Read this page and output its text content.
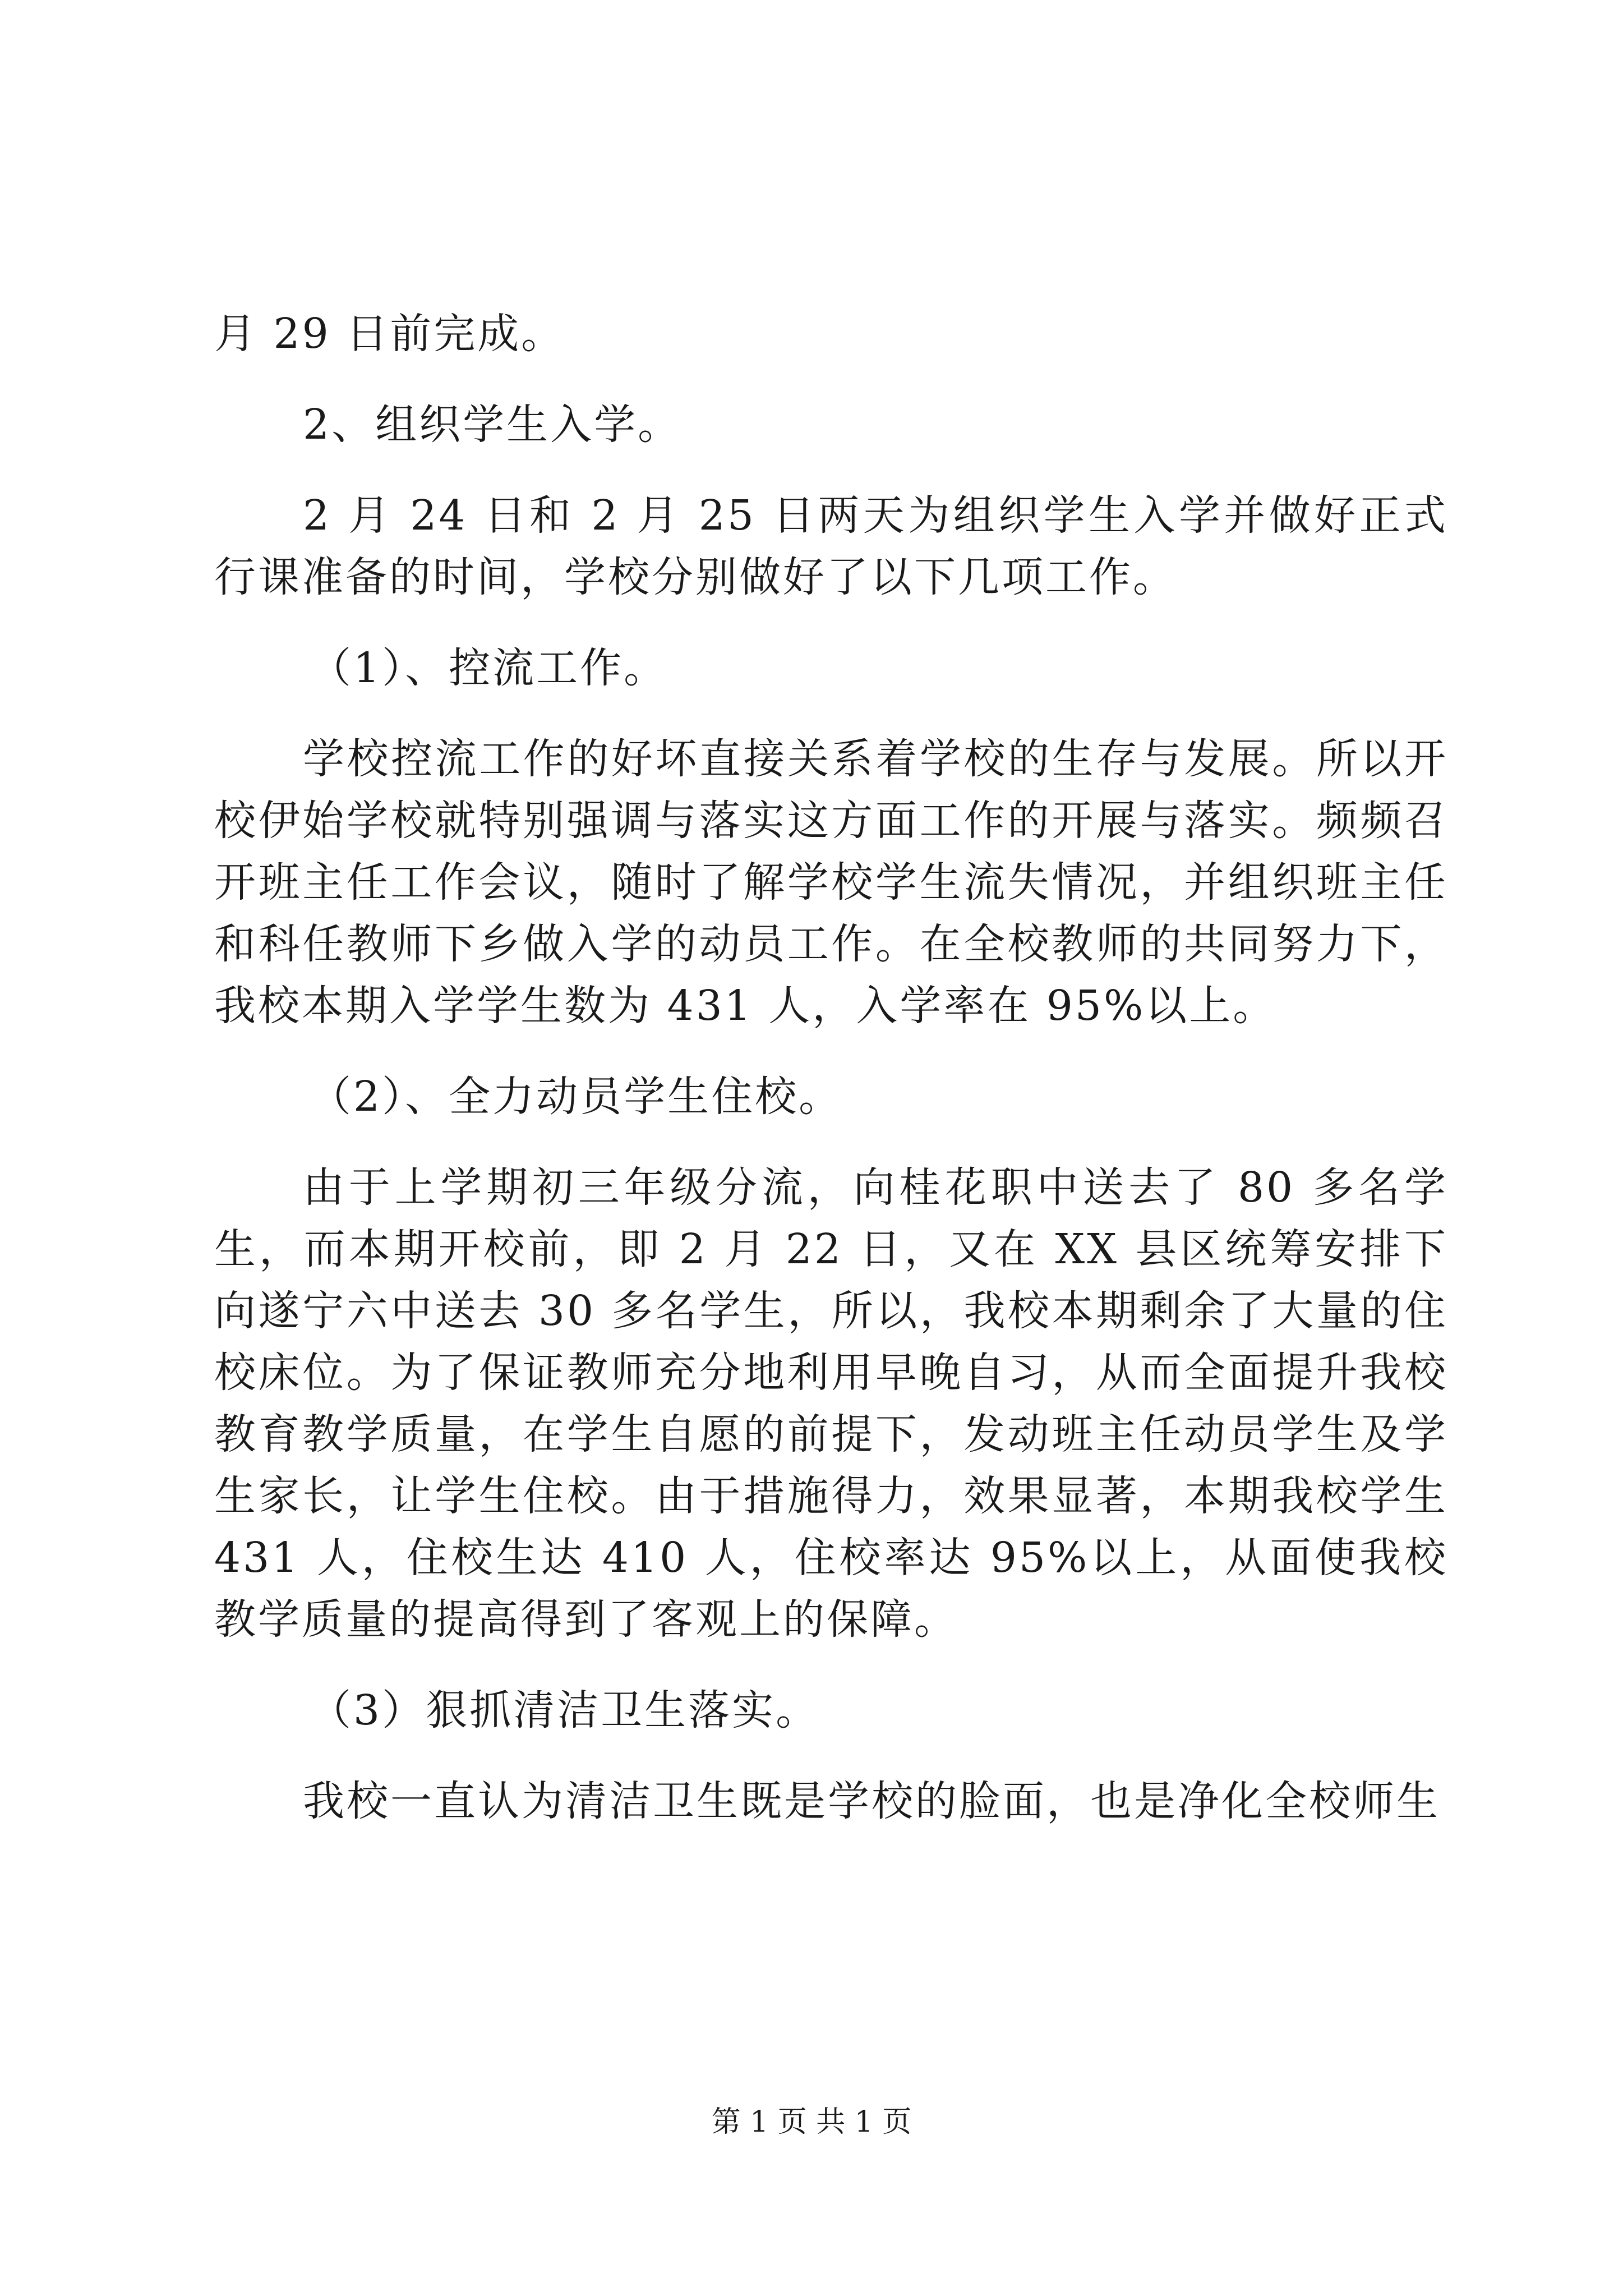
月 29 日前完成。

2、组织学生入学。

2 月 24 日和 2 月 25 日两天为组织学生入学并做好正式行课准备的时间，学校分别做好了以下几项工作。

（1）、控流工作。

学校控流工作的好坏直接关系着学校的生存与发展。所以开校伊始学校就特别强调与落实这方面工作的开展与落实。频频召开班主任工作会议，随时了解学校学生流失情况，并组织班主任和科任教师下乡做入学的动员工作。在全校教师的共同努力下，我校本期入学学生数为 431 人，入学率在 95%以上。

（2）、全力动员学生住校。

由于上学期初三年级分流，向桂花职中送去了 80 多名学生，而本期开校前，即 2 月 22 日，又在 XX 县区统筹安排下向遂宁六中送去 30 多名学生，所以，我校本期剩余了大量的住校床位。为了保证教师充分地利用早晚自习，从而全面提升我校教育教学质量，在学生自愿的前提下，发动班主任动员学生及学生家长，让学生住校。由于措施得力，效果显著，本期我校学生 431 人，住校生达 410 人，住校率达 95%以上，从面使我校教学质量的提高得到了客观上的保障。

（3）狠抓清洁卫生落实。

我校一直认为清洁卫生既是学校的脸面，也是净化全校师生

第 1 页 共 1 页
